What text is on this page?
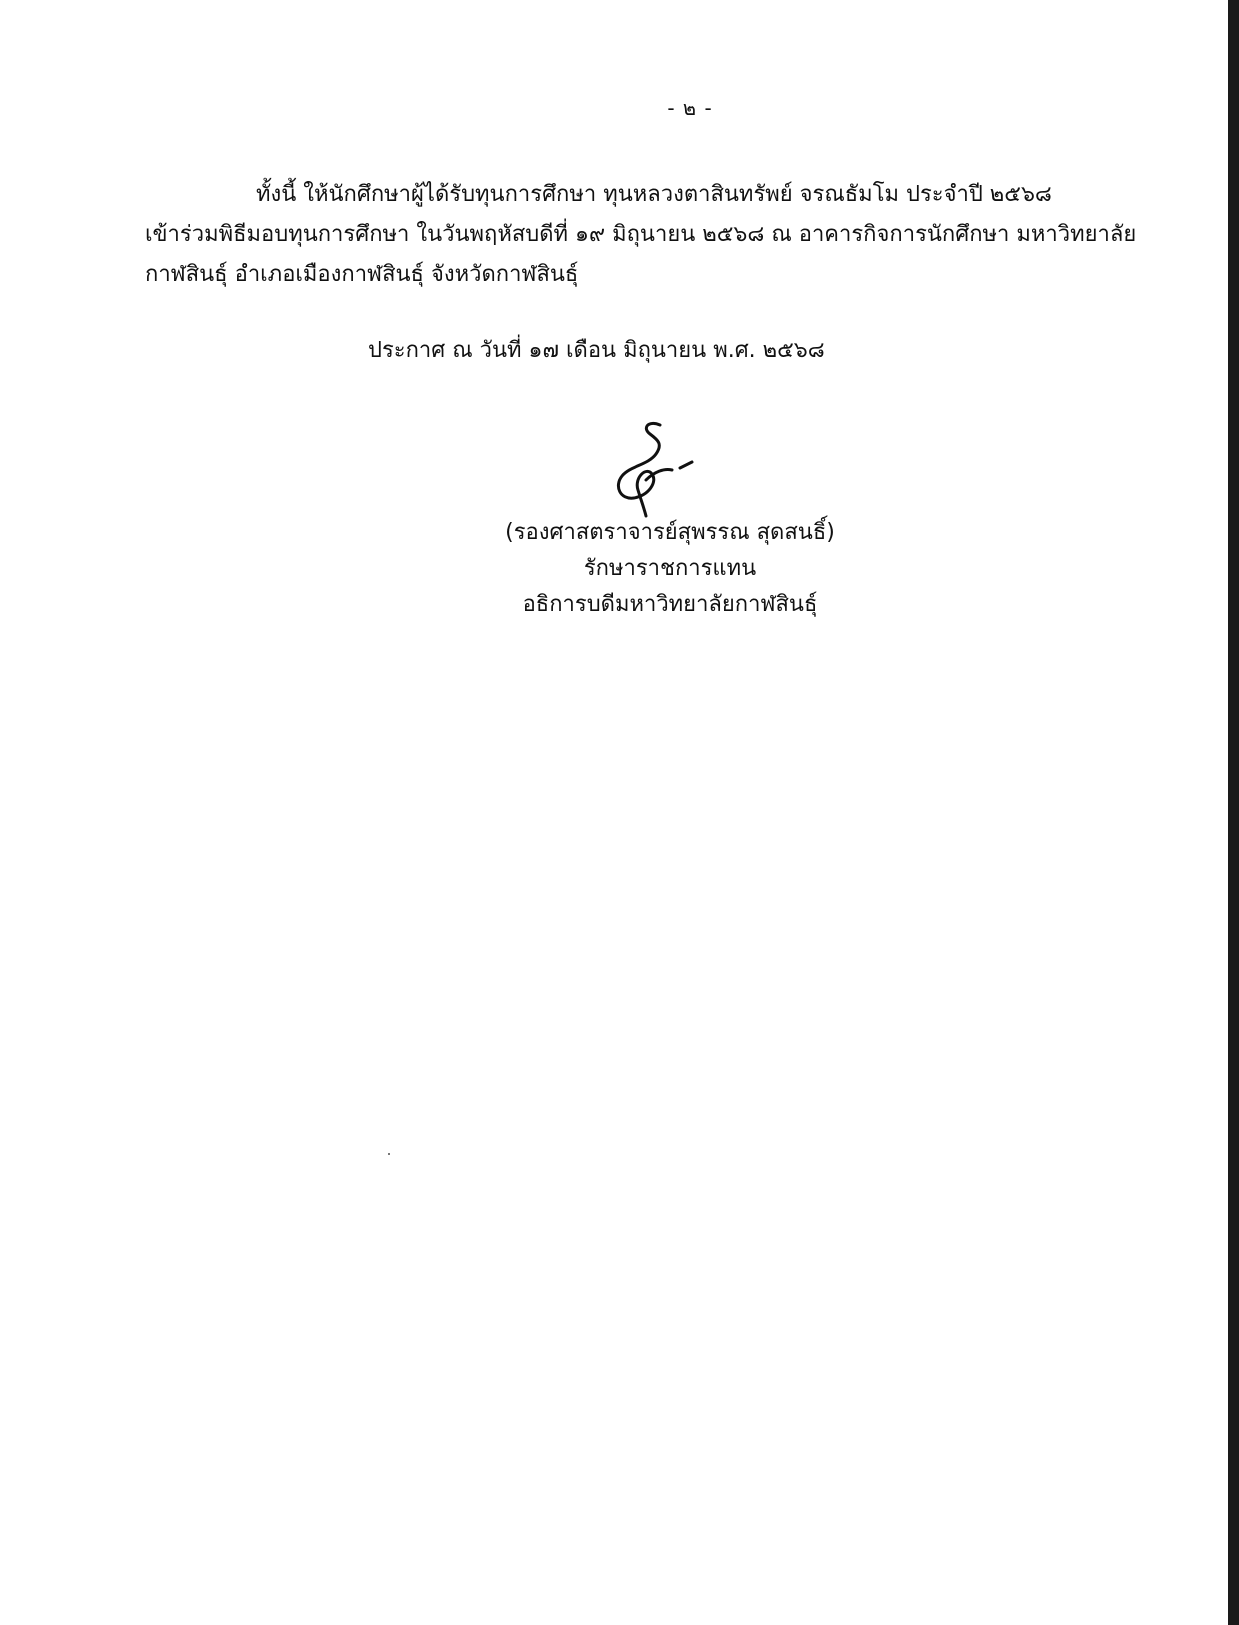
- ๒ -
ทั้งนี้ ให้นักศึกษาผู้ได้รับทุนการศึกษา ทุนหลวงตาสินทรัพย์ จรณธัมโม ประจำปี ๒๕๖๘
เข้าร่วมพิธีมอบทุนการศึกษา ในวันพฤหัสบดีที่ ๑๙ มิถุนายน ๒๕๖๘ ณ อาคารกิจการนักศึกษา มหาวิทยาลัย
กาฬสินธุ์ อำเภอเมืองกาฬสินธุ์ จังหวัดกาฬสินธุ์
ประกาศ ณ วันที่ ๑๗ เดือน มิถุนายน พ.ศ. ๒๕๖๘
(รองศาสตราจารย์สุพรรณ สุดสนธิ์)
รักษาราชการแทน
อธิการบดีมหาวิทยาลัยกาฬสินธุ์
